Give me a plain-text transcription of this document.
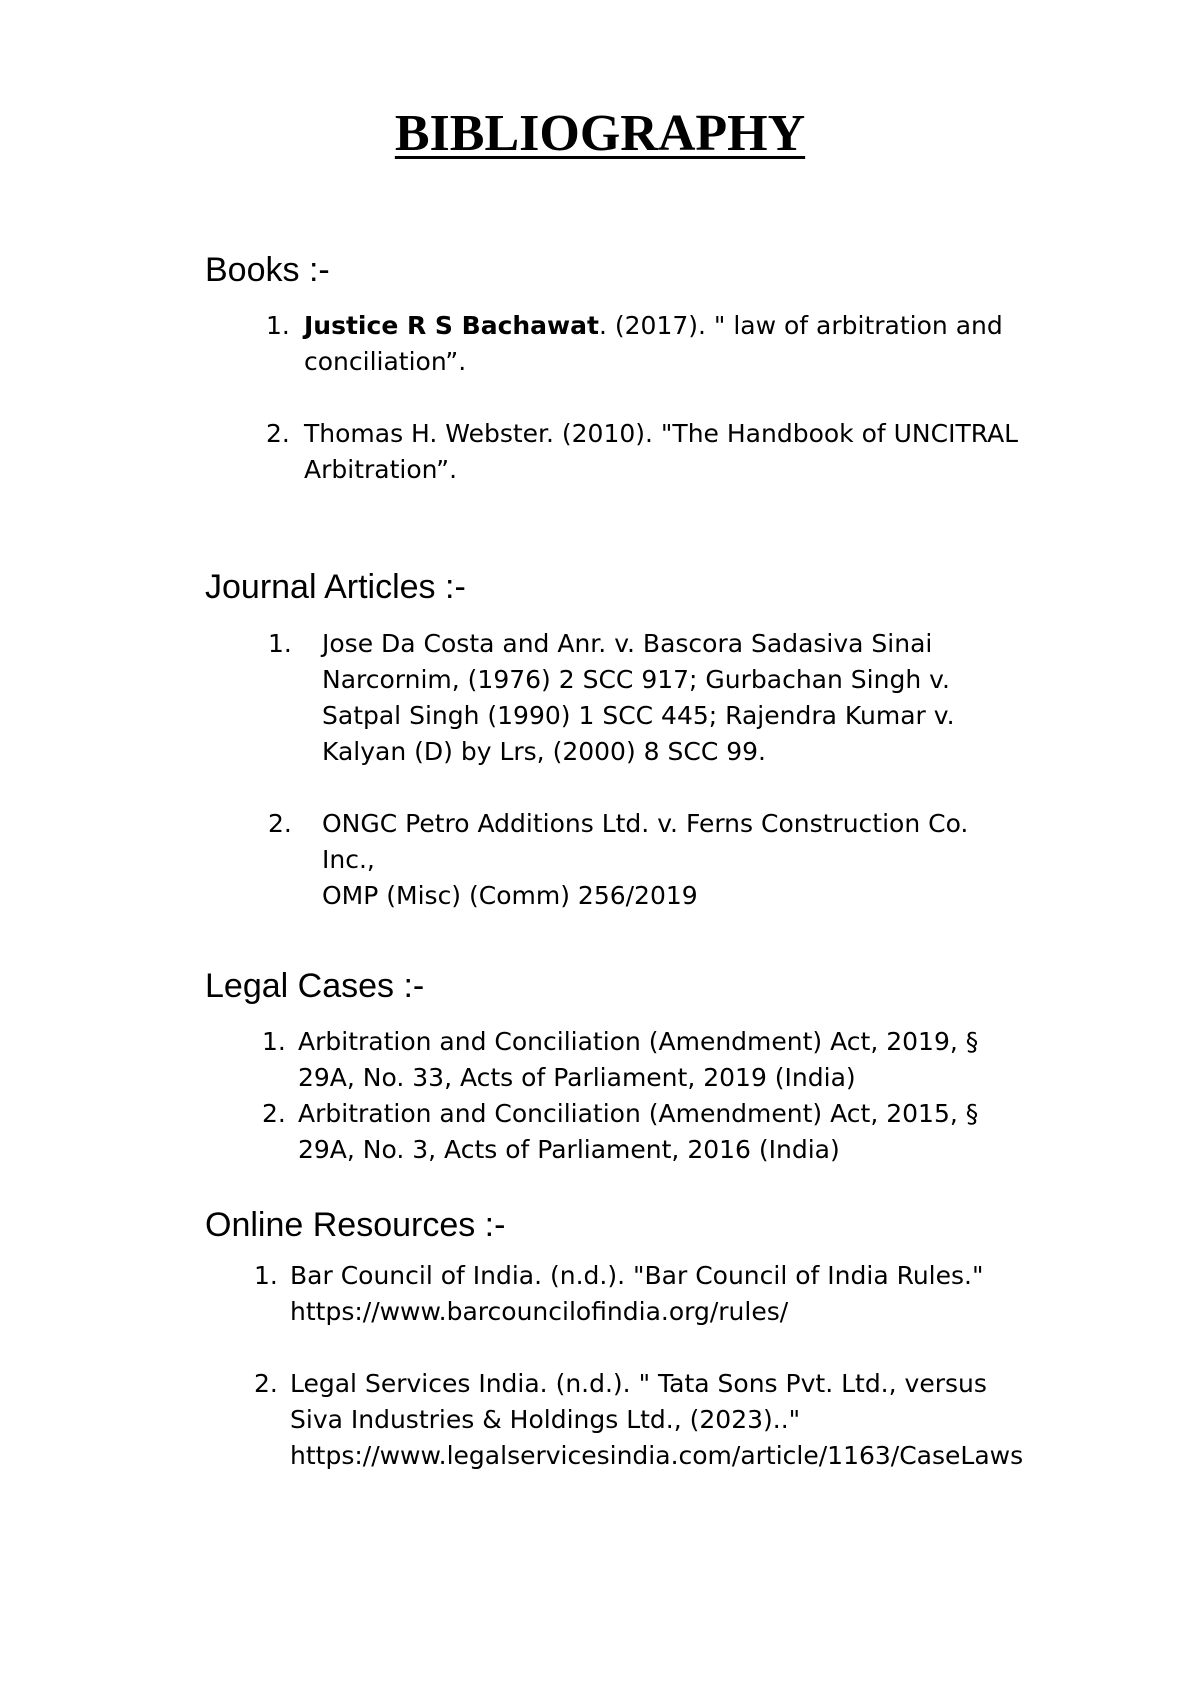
BIBLIOGRAPHY
Books :-
1. Justice R S Bachawat. (2017). " law of arbitration and
conciliation”.
2. Thomas H. Webster. (2010). "The Handbook of UNCITRAL
Arbitration”.
Journal Articles :-
1. Jose Da Costa and Anr. v. Bascora Sadasiva Sinai
Narcornim, (1976) 2 SCC 917; Gurbachan Singh v.
Satpal Singh (1990) 1 SCC 445; Rajendra Kumar v.
Kalyan (D) by Lrs, (2000) 8 SCC 99.
2. ONGC Petro Additions Ltd. v. Ferns Construction Co.
Inc.,
OMP (Misc) (Comm) 256/2019
Legal Cases :-
1. Arbitration and Conciliation (Amendment) Act, 2019, §
29A, No. 33, Acts of Parliament, 2019 (India)
2. Arbitration and Conciliation (Amendment) Act, 2015, §
29A, No. 3, Acts of Parliament, 2016 (India)
Online Resources :-
1. Bar Council of India. (n.d.). "Bar Council of India Rules."
https://www.barcouncilofindia.org/rules/
2. Legal Services India. (n.d.). " Tata Sons Pvt. Ltd., versus
Siva Industries & Holdings Ltd., (2023).."
https://www.legalservicesindia.com/article/1163/CaseLaws
